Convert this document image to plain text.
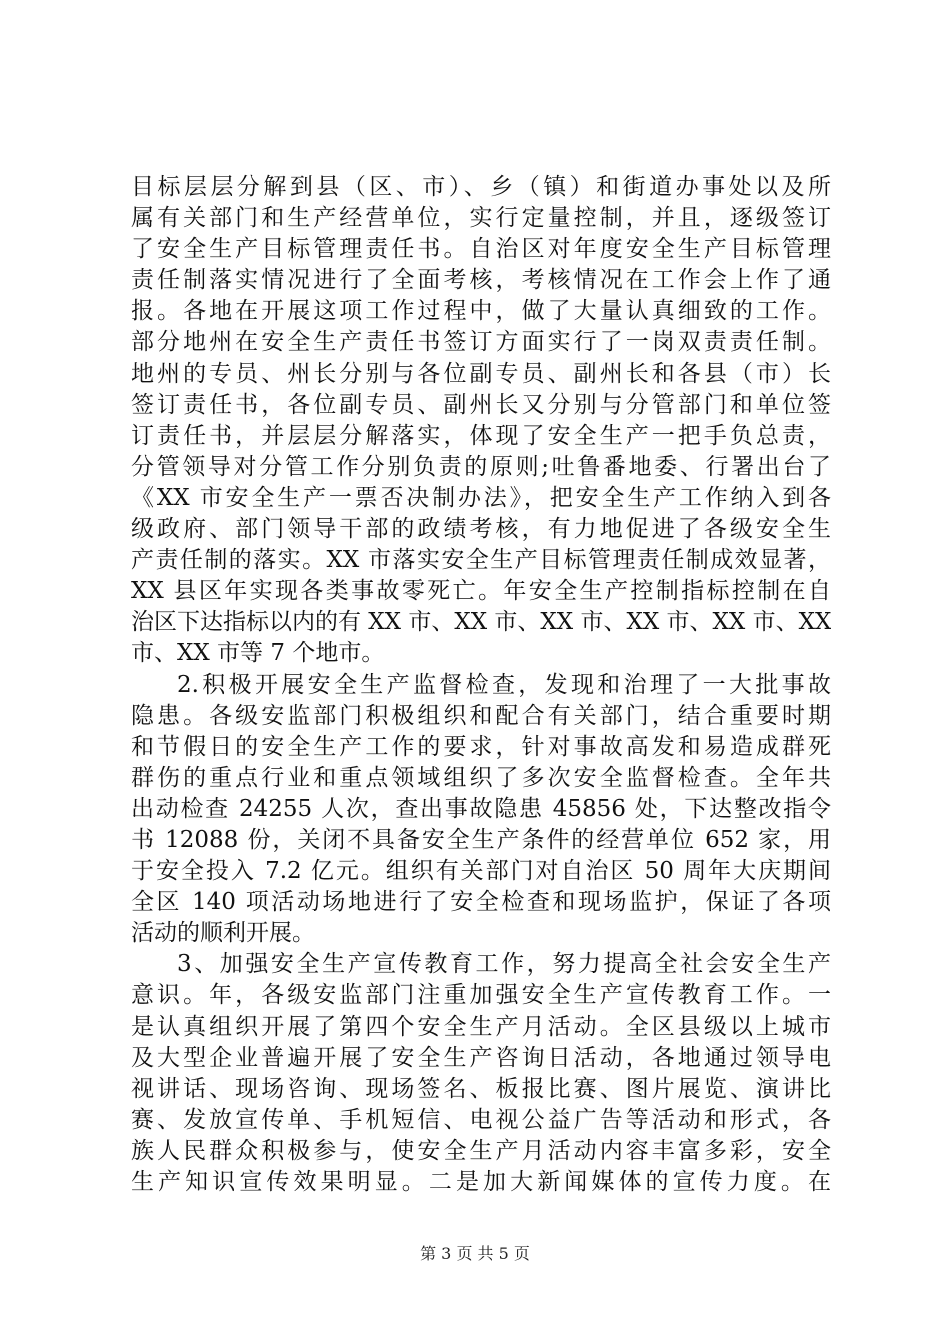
目标层层分解到县（区、市）、乡（镇）和街道办事处以及所
属有关部门和生产经营单位，实行定量控制，并且，逐级签订
了安全生产目标管理责任书。自治区对年度安全生产目标管理
责任制落实情况进行了全面考核，考核情况在工作会上作了通
报。各地在开展这项工作过程中，做了大量认真细致的工作。
部分地州在安全生产责任书签订方面实行了一岗双责责任制。
地州的专员、州长分别与各位副专员、副州长和各县（市）长
签订责任书，各位副专员、副州长又分别与分管部门和单位签
订责任书，并层层分解落实，体现了安全生产一把手负总责，
分管领导对分管工作分别负责的原则;吐鲁番地委、行署出台了
《XX 市安全生产一票否决制办法》，把安全生产工作纳入到各
级政府、部门领导干部的政绩考核，有力地促进了各级安全生
产责任制的落实。XX 市落实安全生产目标管理责任制成效显著，
XX 县区年实现各类事故零死亡。年安全生产控制指标控制在自
治区下达指标以内的有 XX 市、XX 市、XX 市、XX 市、XX 市、XX
市、XX 市等 7 个地市。
2.积极开展安全生产监督检查，发现和治理了一大批事故
隐患。各级安监部门积极组织和配合有关部门，结合重要时期
和节假日的安全生产工作的要求，针对事故高发和易造成群死
群伤的重点行业和重点领域组织了多次安全监督检查。全年共
出动检查 24255 人次，查出事故隐患 45856 处，下达整改指令
书 12088 份，关闭不具备安全生产条件的经营单位 652 家，用
于安全投入 7.2 亿元。组织有关部门对自治区 50 周年大庆期间
全区 140 项活动场地进行了安全检查和现场监护，保证了各项
活动的顺利开展。
3、加强安全生产宣传教育工作，努力提高全社会安全生产
意识。年，各级安监部门注重加强安全生产宣传教育工作。一
是认真组织开展了第四个安全生产月活动。全区县级以上城市
及大型企业普遍开展了安全生产咨询日活动，各地通过领导电
视讲话、现场咨询、现场签名、板报比赛、图片展览、演讲比
赛、发放宣传单、手机短信、电视公益广告等活动和形式，各
族人民群众积极参与，使安全生产月活动内容丰富多彩，安全
生产知识宣传效果明显。二是加大新闻媒体的宣传力度。在
第 3 页 共 5 页
